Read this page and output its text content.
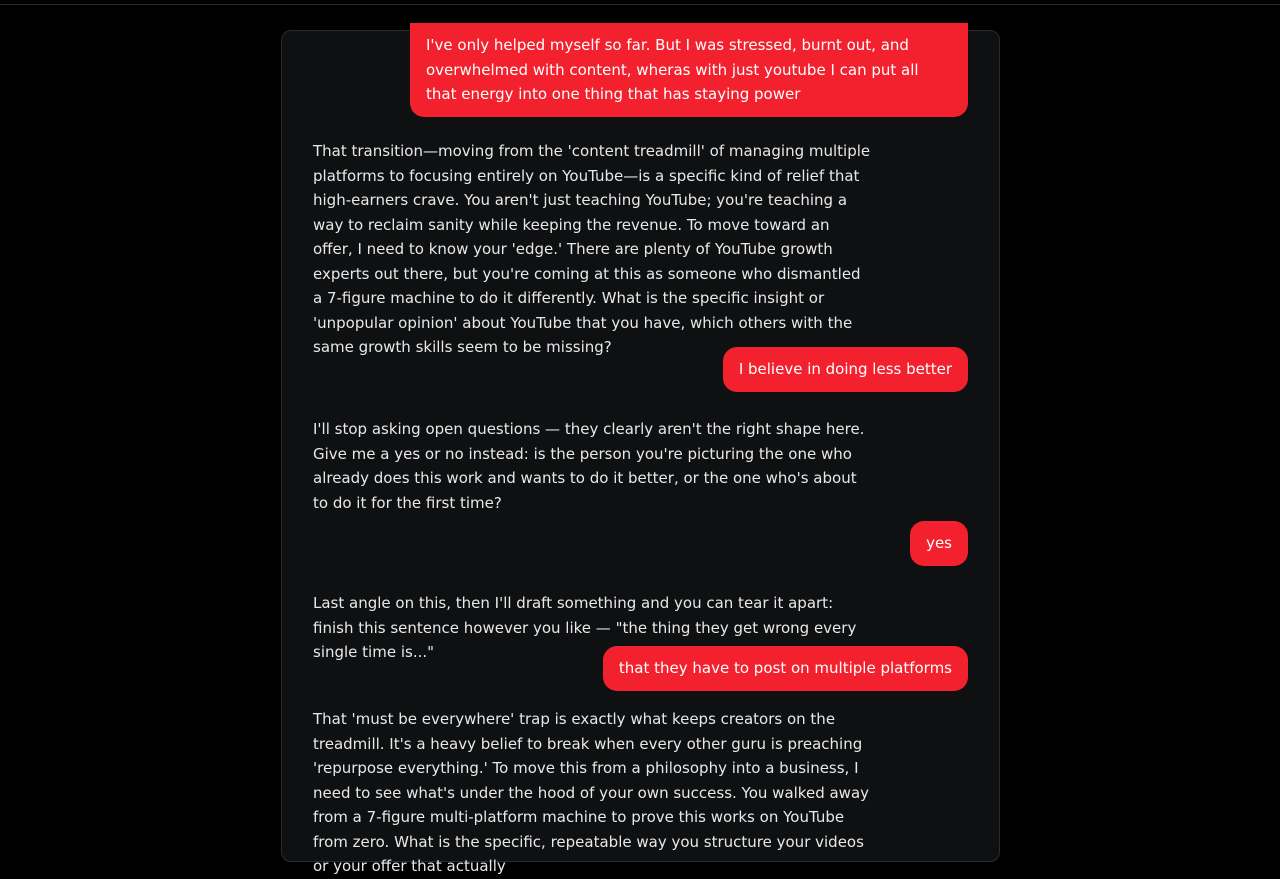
I've only helped myself so far. But I was stressed, burnt out, and overwhelmed with content, wheras with just youtube I can put all that energy into one thing that has staying power
That transition—moving from the 'content treadmill' of managing multiple platforms to focusing entirely on YouTube—is a specific kind of relief that high-earners crave. You aren't just teaching YouTube; you're teaching a way to reclaim sanity while keeping the revenue. To move toward an offer, I need to know your 'edge.' There are plenty of YouTube growth experts out there, but you're coming at this as someone who dismantled a 7-figure machine to do it differently. What is the specific insight or 'unpopular opinion' about YouTube that you have, which others with the same growth skills seem to be missing?
I believe in doing less better
I'll stop asking open questions — they clearly aren't the right shape here. Give me a yes or no instead: is the person you're picturing the one who already does this work and wants to do it better, or the one who's about to do it for the first time?
yes
Last angle on this, then I'll draft something and you can tear it apart: finish this sentence however you like — "the thing they get wrong every single time is..."
that they have to post on multiple platforms
That 'must be everywhere' trap is exactly what keeps creators on the treadmill. It's a heavy belief to break when every other guru is preaching 'repurpose everything.' To move this from a philosophy into a business, I need to see what's under the hood of your own success. You walked away from a 7-figure multi-platform machine to prove this works on YouTube from zero. What is the specific, repeatable way you structure your videos or your offer that actually
